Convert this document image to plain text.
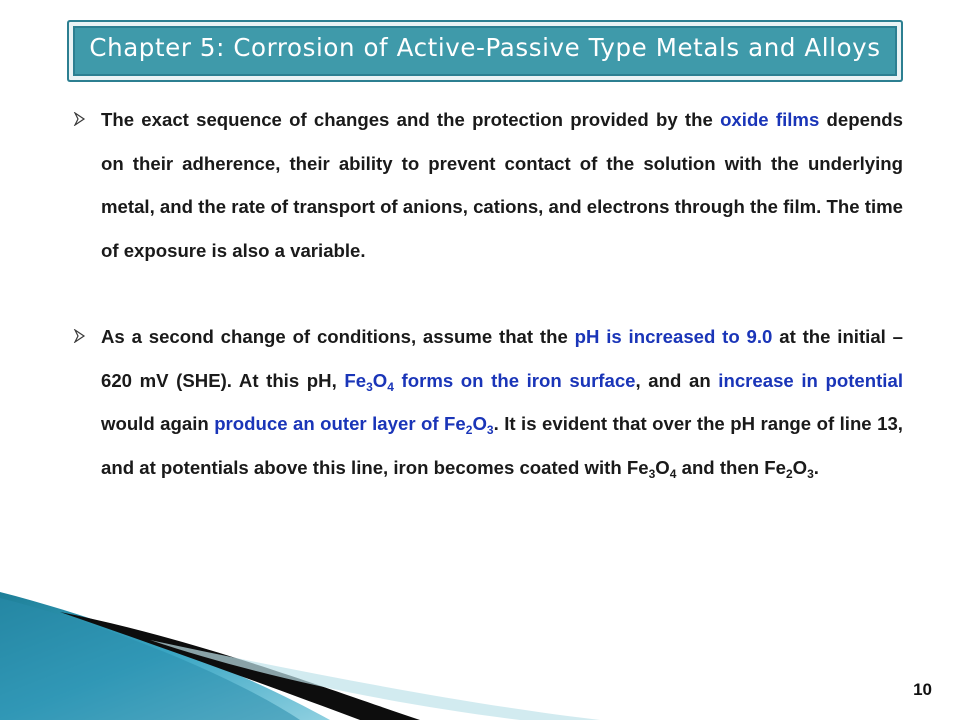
Chapter 5: Corrosion of Active-Passive Type Metals and Alloys
The exact sequence of changes and the protection provided by the oxide films depends on their adherence, their ability to prevent contact of the solution with the underlying metal, and the rate of transport of anions, cations, and electrons through the film. The time of exposure is also a variable.
As a second change of conditions, assume that the pH is increased to 9.0 at the initial –620 mV (SHE). At this pH, $Fe_3O_4$ forms on the iron surface, and an increase in potential would again produce an outer layer of $Fe_2O_3$. It is evident that over the pH range of line 13, and at potentials above this line, iron becomes coated with $Fe_3O_4$ and then $Fe_2O_3$.
10
